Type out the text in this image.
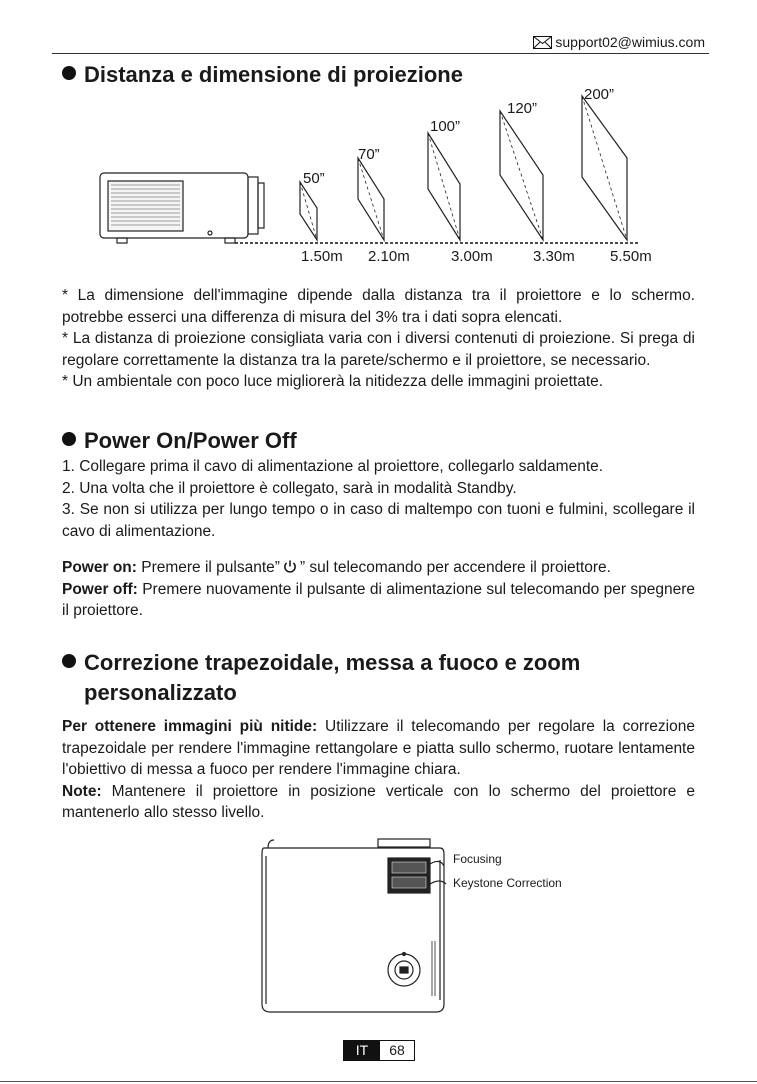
support02@wimius.com
Distanza e dimensione di proiezione
50”
70”
100”
120”
200”
1.50m 2.10m	3.00m	3.30m 5.50m

* La dimensione dell'immagine dipende dalla distanza tra il proiettore e lo schermo. potrebbe esserci una differenza di misura del 3% tra i dati sopra elencati.

* La distanza di proiezione consigliata varia con i diversi contenuti di proiezione. Si prega di regolare correttamente la distanza tra la parete/schermo e il proiettore, se necessario.

* Un ambientale con poco luce migliorerà la nitidezza delle immagini proiettate.

Power On/Power Off

1. Collegare prima il cavo di alimentazione al proiettore, collegarlo saldamente.

2. Una volta che il proiettore è collegato, sarà in modalità Standby.

3. Se non si utilizza per lungo tempo o in caso di maltempo con tuoni e fulmini, scollegare il cavo di alimentazione.

Power on: Premere il pulsante” ” sul telecomando per accendere il proiettore.

Power off: Premere nuovamente il pulsante di alimentazione sul telecomando per spegnere il proiettore.

Correzione trapezoidale, messa a fuoco e zoom
personalizzato

Per ottenere immagini più nitide: Utilizzare il telecomando per regolare la correzione trapezoidale per rendere l'immagine rettangolare e piatta sullo schermo, ruotare lentamente l'obiettivo di messa a fuoco per rendere l'immagine chiara.

Note: Mantenere il proiettore in posizione verticale con lo schermo del proiettore e mantenerlo allo stesso livello.

Focusing
Keystone Correction
IT	68
